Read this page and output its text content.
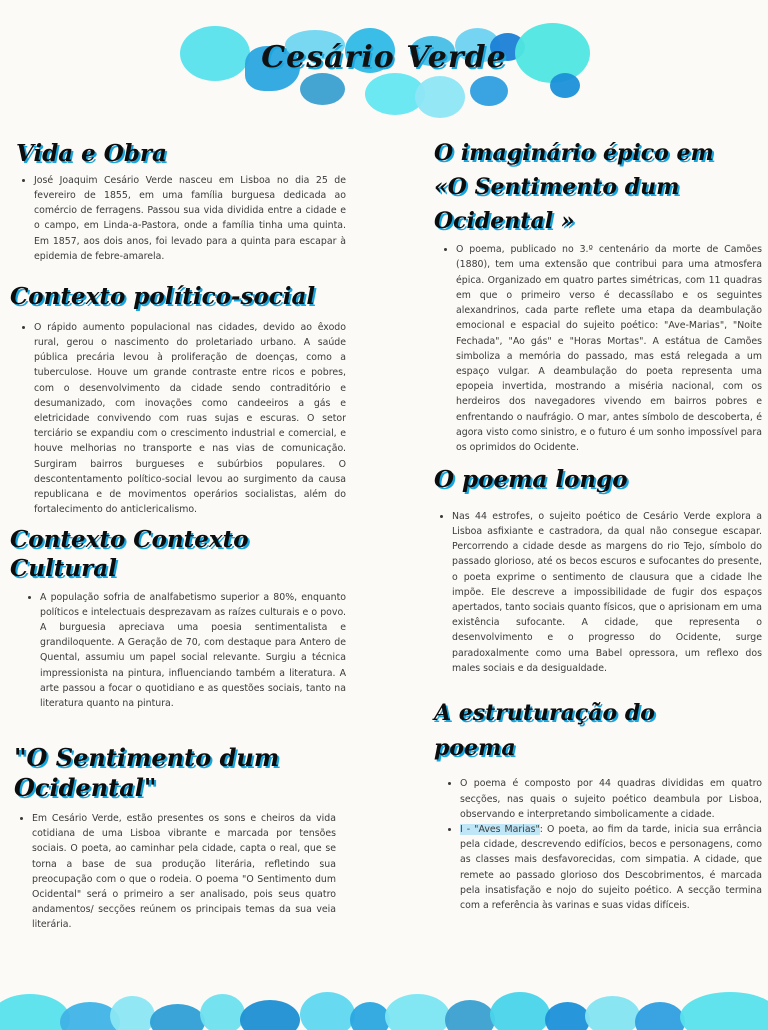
Cesário Verde
Vida e Obra
• José Joaquim Cesário Verde nasceu em Lisboa no dia 25 de fevereiro de 1855, em uma família burguesa dedicada ao comércio de ferragens. Passou sua vida dividida entre a cidade e o campo, em Linda-a-Pastora, onde a família tinha uma quinta. Em 1857, aos dois anos, foi levado para a quinta para escapar à epidemia de febre-amarela.
Contexto político-social
• O rápido aumento populacional nas cidades, devido ao êxodo rural, gerou o nascimento do proletariado urbano. A saúde pública precária levou à proliferação de doenças, como a tuberculose. Houve um grande contraste entre ricos e pobres, com o desenvolvimento da cidade sendo contraditório e desumanizado, com inovações como candeeiros a gás e eletricidade convivendo com ruas sujas e escuras. O setor terciário se expandiu com o crescimento industrial e comercial, e houve melhorias no transporte e nas vias de comunicação. Surgiram bairros burgueses e subúrbios populares. O descontentamento político-social levou ao surgimento da causa republicana e de movimentos operários socialistas, além do fortalecimento do anticlericalismo.
Contexto Contexto
Cultural
• A população sofria de analfabetismo superior a 80%, enquanto políticos e intelectuais desprezavam as raízes culturais e o povo. A burguesia apreciava uma poesia sentimentalista e grandiloquente. A Geração de 70, com destaque para Antero de Quental, assumiu um papel social relevante. Surgiu a técnica impressionista na pintura, influenciando também a literatura. A arte passou a focar o quotidiano e as questões sociais, tanto na literatura quanto na pintura.
"O Sentimento dum
Ocidental"
• Em Cesário Verde, estão presentes os sons e cheiros da vida cotidiana de uma Lisboa vibrante e marcada por tensões sociais. O poeta, ao caminhar pela cidade, capta o real, que se torna a base de sua produção literária, refletindo sua preocupação com o que o rodeia. O poema "O Sentimento dum Ocidental" será o primeiro a ser analisado, pois seus quatro andamentos/ secções reúnem os principais temas da sua veia literária.
O imaginário épico em
«O Sentimento dum
Ocidental »
• O poema, publicado no 3.º centenário da morte de Camões (1880), tem uma extensão que contribui para uma atmosfera épica. Organizado em quatro partes simétricas, com 11 quadras em que o primeiro verso é decassílabo e os seguintes alexandrinos, cada parte reflete uma etapa da deambulação emocional e espacial do sujeito poético: "Ave-Marias", "Noite Fechada", "Ao gás" e "Horas Mortas". A estátua de Camões simboliza a memória do passado, mas está relegada a um espaço vulgar. A deambulação do poeta representa uma epopeia invertida, mostrando a miséria nacional, com os herdeiros dos navegadores vivendo em bairros pobres e enfrentando o naufrágio. O mar, antes símbolo de descoberta, é agora visto como sinistro, e o futuro é um sonho impossível para os oprimidos do Ocidente.
O poema longo
• Nas 44 estrofes, o sujeito poético de Cesário Verde explora a Lisboa asfixiante e castradora, da qual não consegue escapar. Percorrendo a cidade desde as margens do rio Tejo, símbolo do passado glorioso, até os becos escuros e sufocantes do presente, o poeta exprime o sentimento de clausura que a cidade lhe impõe. Ele descreve a impossibilidade de fugir dos espaços apertados, tanto sociais quanto físicos, que o aprisionam em uma existência sufocante. A cidade, que representa o desenvolvimento e o progresso do Ocidente, surge paradoxalmente como uma Babel opressora, um reflexo dos males sociais e da desigualdade.
A estruturação do
poema
• O poema é composto por 44 quadras divididas em quatro secções, nas quais o sujeito poético deambula por Lisboa, observando e interpretando simbolicamente a cidade.
• I - "Aves Marias": O poeta, ao fim da tarde, inicia sua errância pela cidade, descrevendo edifícios, becos e personagens, como as classes mais desfavorecidas, com simpatia. A cidade, que remete ao passado glorioso dos Descobrimentos, é marcada pela insatisfação e nojo do sujeito poético. A secção termina com a referência às varinas e suas vidas difíceis.
